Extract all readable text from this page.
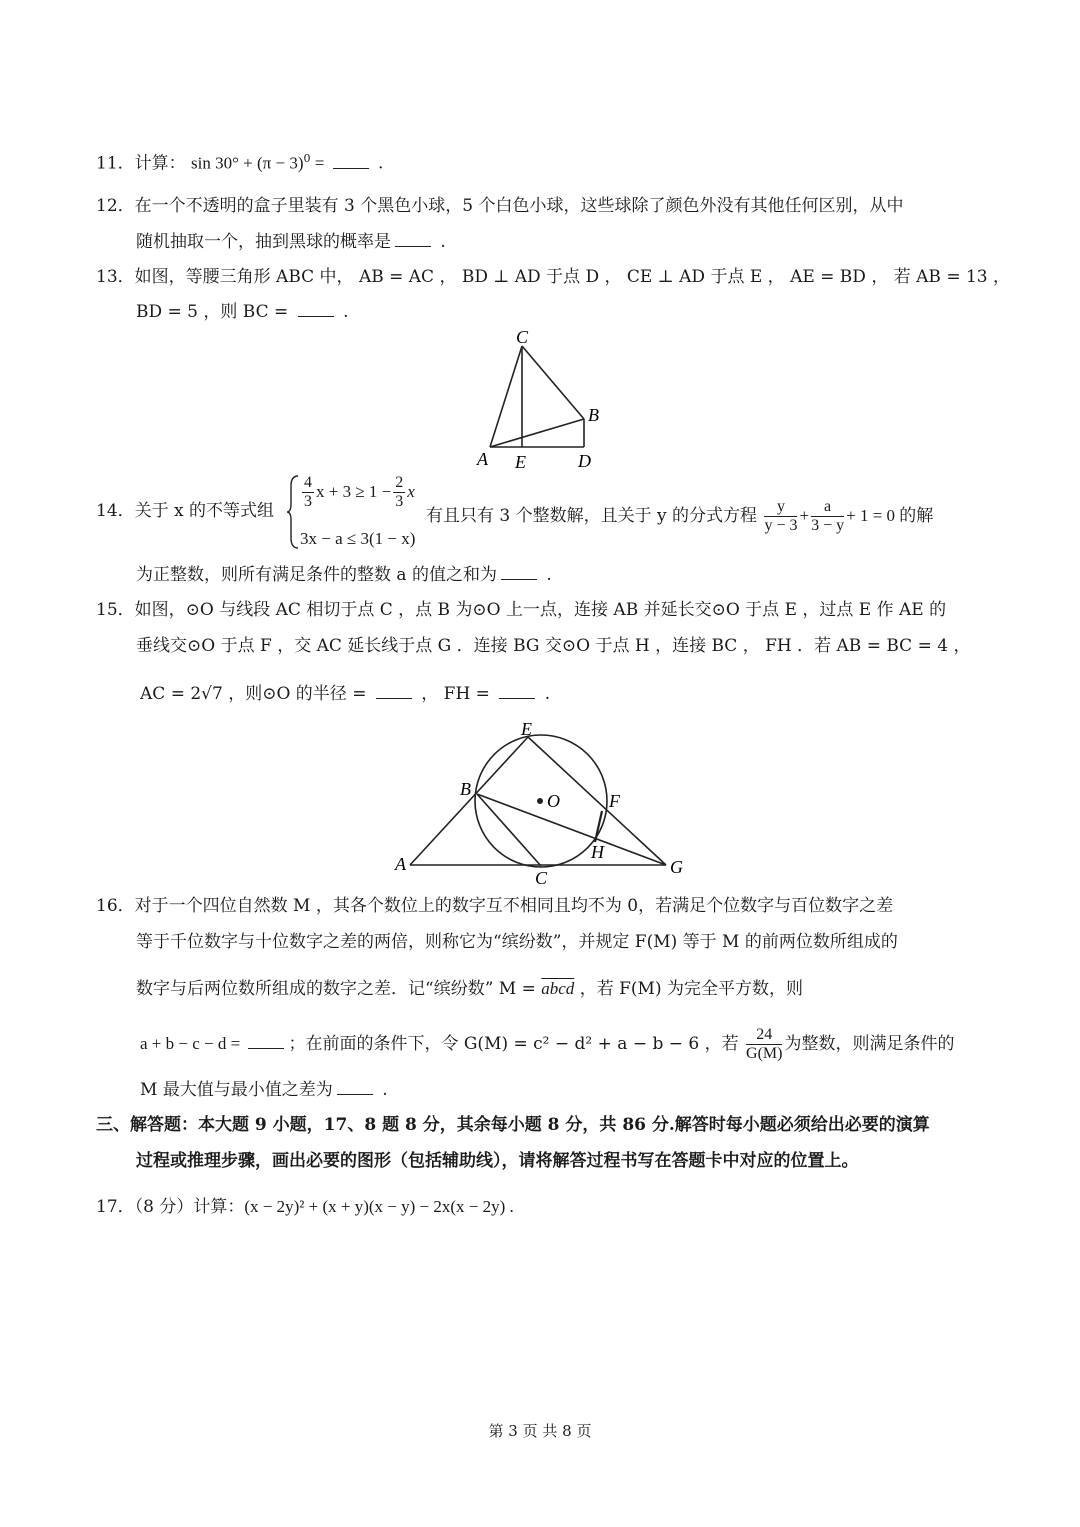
11．计算： $\sin 30^\circ + (\pi - 3)^0$ =	.
12．在一个不透明的盒子里装有 3 个黑色小球，5 个白色小球，这些球除了颜色外没有其他任何区别，从中
随机抽取一个，抽到黑球的概率是	.
13．如图，等腰三角形 ABC 中， AB = AC ， BD ⊥ AD 于点 D ， CE ⊥ AD 于点 E ， AE = BD ， 若 AB = 13 ，
BD = 5 ，则 BC =	.
C
B
A E	D
14．关于 x 的不等式组 $\frac{4}{3}$ $x + 3 \ge 1 - \frac{2}{3}$ x
3x − a ≤ 3(1 − x)
有且只有 3 个整数解，且关于 y 的分式方程 $\frac{y}{y - 3} + \frac{a}{3 - y} + 1 = 0$ 的解
为正整数，则所有满足条件的整数 a 的值之和为	.
15．如图，⊙O 与线段 AC 相切于点 C ，点 B 为⊙O 上一点，连接 AB 并延长交⊙O 于点 E ，过点 E 作 AE 的
垂线交⊙O 于点 F ，交 AC 延长线于点 G ．连接 BG 交⊙O 于点 H ，连接 BC ， FH ．若 AB = BC = 4 ，
AC = 2√7 ，则⊙O 的半径 =	， FH =	.
E
B
O	F
H
A
C
G
16．对于一个四位自然数 M ，其各个数位上的数字互不相同且均不为 0，若满足个位数字与百位数字之差
等于千位数字与十位数字之差的两倍，则称它为“缤纷数”，并规定 F(M) 等于 M 的前两位数所组成的
数字与后两位数所组成的数字之差．记“缤纷数” M = abcd ，若 F(M) 为完全平方数，则
a + b − c − d =	；在前面的条件下，令 G(M) = c² − d² + a − b − 6 ，若 $\frac{24}{G(M)}$ 为整数，则满足条件的
M 最大值与最小值之差为	.
三、解答题：本大题 9 小题，17、8 题 8 分，其余每小题 8 分，共 86 分.解答时每小题必须给出必要的演算
过程或推理步骤，画出必要的图形（包括辅助线），请将解答过程书写在答题卡中对应的位置上。
17．（8 分）计算：(x − 2y)² + (x + y)(x − y) − 2x(x − 2y) .
第 3 页 共 8 页
